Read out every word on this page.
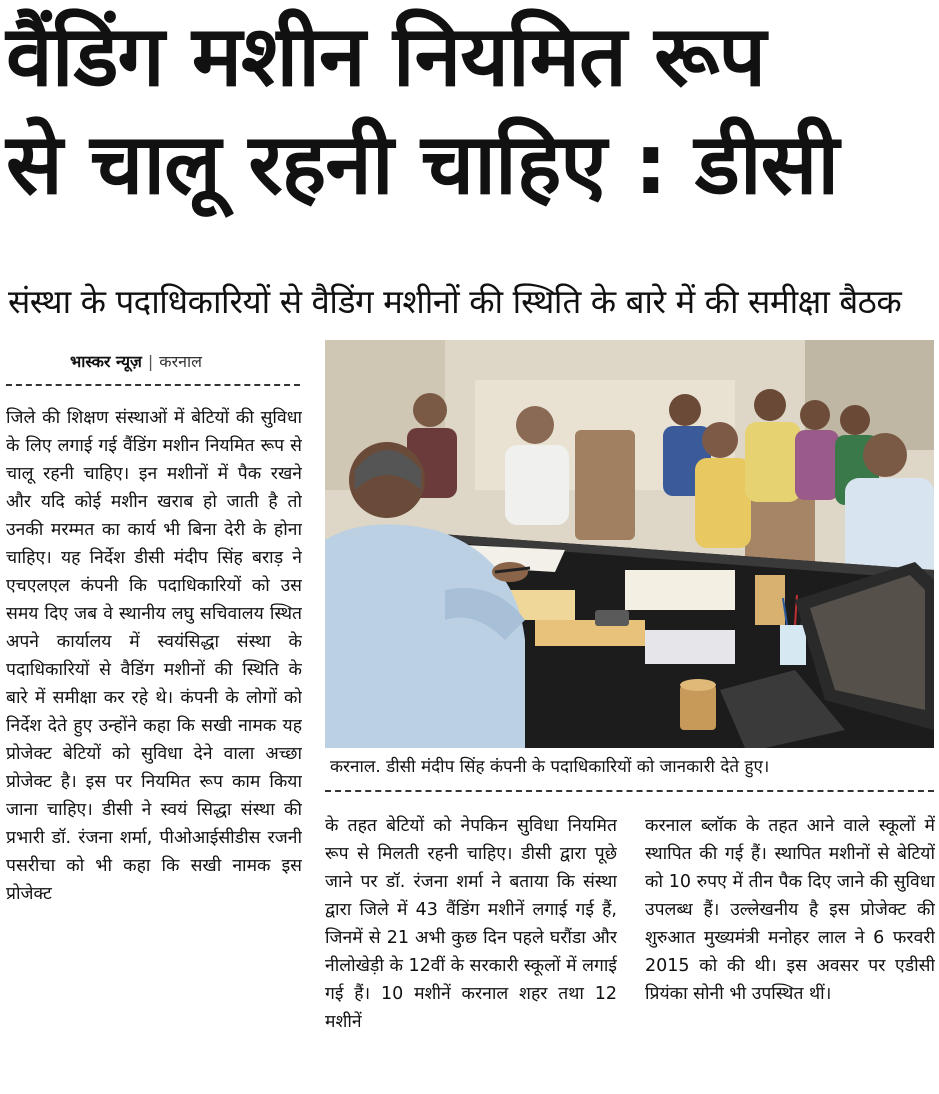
वैंडिंग मशीन नियमित रूप
से चालू रहनी चाहिए : डीसी
संस्था के पदाधिकारियों से वैडिंग मशीनों की स्थिति के बारे में की समीक्षा बैठक
भास्कर न्यूज़ | करनाल

जिले की शिक्षण संस्थाओं में बेटियों की सुविधा के लिए लगाई गई वैंडिंग मशीन नियमित रूप से चालू रहनी चाहिए। इन मशीनों में पैक रखने और यदि कोई मशीन खराब हो जाती है तो उनकी मरम्मत का कार्य भी बिना देरी के होना चाहिए। यह निर्देश डीसी मंदीप सिंह बराड़ ने एचएलएल कंपनी कि पदाधिकारियों को उस समय दिए जब वे स्थानीय लघु सचिवालय स्थित अपने कार्यालय में स्वयंसिद्धा संस्था के पदाधिकारियों से वैडिंग मशीनों की स्थिति के बारे में समीक्षा कर रहे थे। कंपनी के लोगों को निर्देश देते हुए उन्होंने कहा कि सखी नामक यह प्रोजेक्ट बेटियों को सुविधा देने वाला अच्छा प्रोजेक्ट है। इस पर नियमित रूप काम किया जाना चाहिए। डीसी ने स्वयं सिद्धा संस्था की प्रभारी डॉ. रंजना शर्मा, पीओआईसीडीस रजनी पसरीचा को भी कहा कि सखी नामक इस प्रोजेक्ट

करनाल. डीसी मंदीप सिंह कंपनी के पदाधिकारियों को जानकारी देते हुए।

के तहत बेटियों को नेपकिन सुविधा नियमित रूप से मिलती रहनी चाहिए। डीसी द्वारा पूछे जाने पर डॉ. रंजना शर्मा ने बताया कि संस्था द्वारा जिले में 43 वैंडिंग मशीनें लगाई गई हैं, जिनमें से 21 अभी कुछ दिन पहले घरौंडा और नीलोखेड़ी के 12वीं के सरकारी स्कूलों में लगाई गई हैं। 10 मशीनें करनाल शहर तथा 12 मशीनें

करनाल ब्लॉक के तहत आने वाले स्कूलों में स्थापित की गई हैं। स्थापित मशीनों से बेटियों को 10 रुपए में तीन पैक दिए जाने की सुविधा उपलब्ध हैं। उल्लेखनीय है इस प्रोजेक्ट की शुरुआत मुख्यमंत्री मनोहर लाल ने 6 फरवरी 2015 को की थी। इस अवसर पर एडीसी प्रियंका सोनी भी उपस्थित थीं।
